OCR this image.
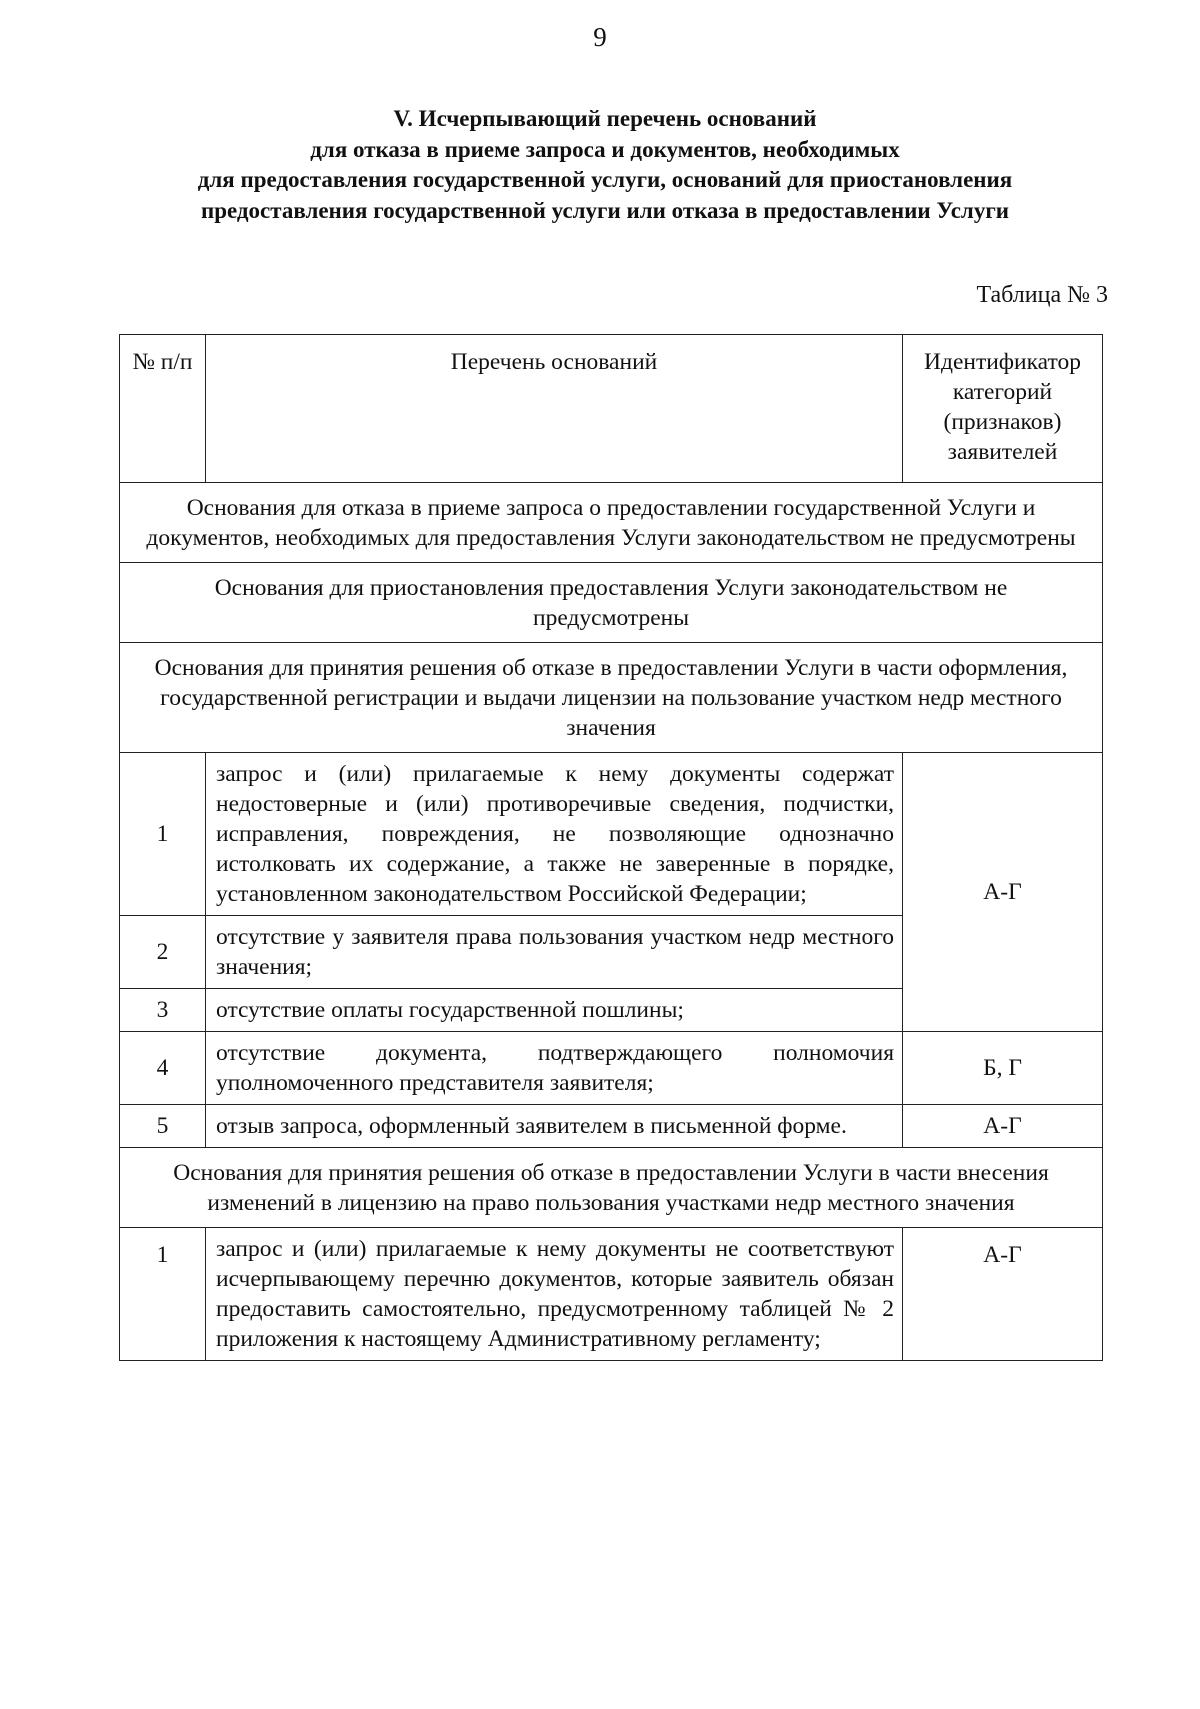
9
V. Исчерпывающий перечень оснований
для отказа в приеме запроса и документов, необходимых
для предоставления государственной услуги, оснований для приостановления
предоставления государственной услуги или отказа в предоставлении Услуги
Таблица № 3
№ п/п	Перечень оснований	Идентификатор категорий (признаков) заявителей
Основания для отказа в приеме запроса о предоставлении государственной Услуги и документов, необходимых для предоставления Услуги законодательством не предусмотрены		
Основания для приостановления предоставления Услуги законодательством не предусмотрены		
Основания для принятия решения об отказе в предоставлении Услуги в части оформления, государственной регистрации и выдачи лицензии на пользование участком недр местного значения		
1	запрос и (или) прилагаемые к нему документы содержат недостоверные и (или) противоречивые сведения, подчистки, исправления, повреждения, не позволяющие однозначно истолковать их содержание, а также не заверенные в порядке, установленном законодательством Российской Федерации;	А-Г
2	отсутствие у заявителя права пользования участком недр местного значения;	
3	отсутствие оплаты государственной пошлины;	
4	отсутствие документа, подтверждающего полномочия уполномоченного представителя заявителя;	Б, Г
5	отзыв запроса, оформленный заявителем в письменной форме.	А-Г
Основания для принятия решения об отказе в предоставлении Услуги в части внесения изменений в лицензию на право пользования участками недр местного значения		
1	запрос и (или) прилагаемые к нему документы не соответствуют исчерпывающему перечню документов, которые заявитель обязан предоставить самостоятельно, предусмотренному таблицей № 2 приложения к настоящему Административному регламенту;	А-Г
